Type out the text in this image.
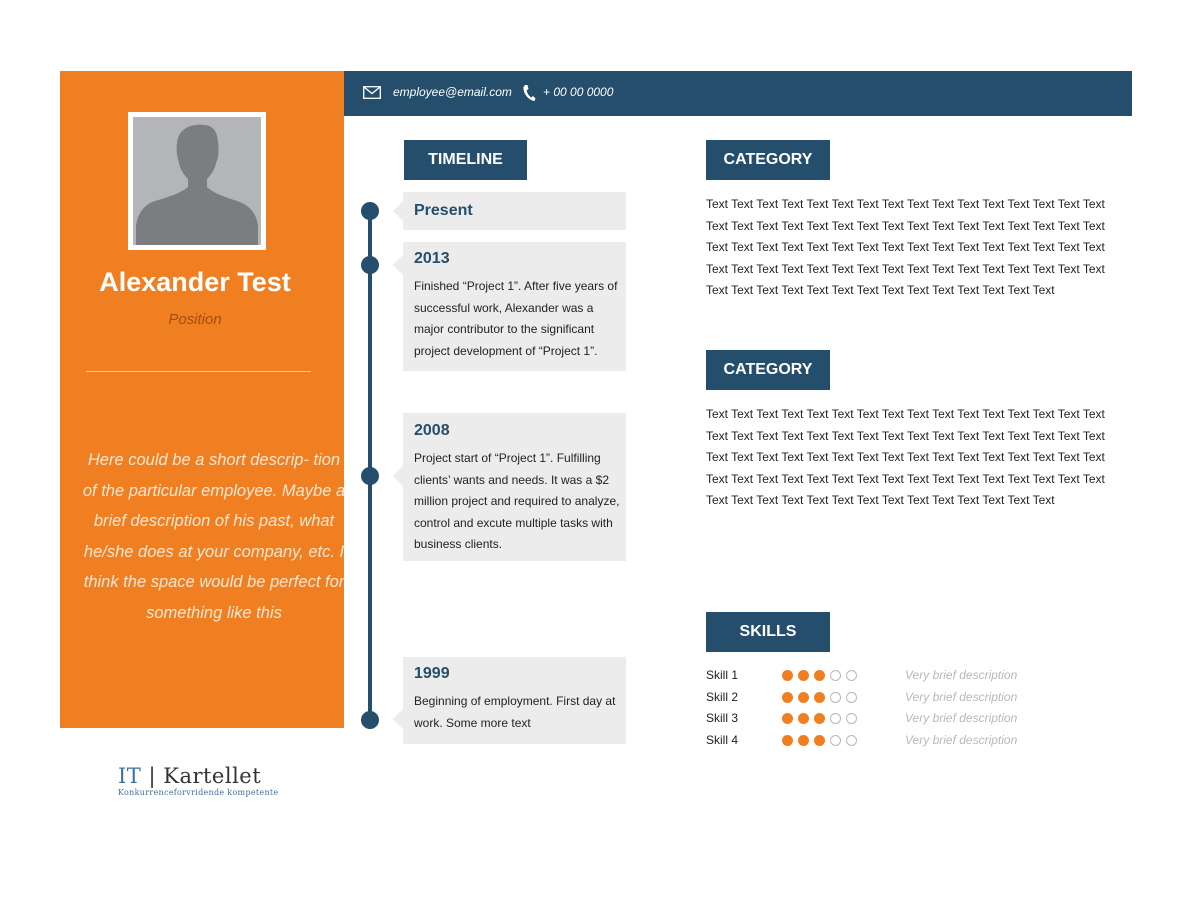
Alexander Test
Position
Here could be a short descrip- tion of the particular employee. Maybe a brief description of his past, what he/she does at your company, etc. I think the space would be perfect for something like this
employee@email.com	+ 00 00 0000
TIMELINE
Present
2013
Finished “Project 1”. After five years of successful work, Alexander was a major contributor to the significant project development of “Project 1”.
2008
Project start of “Project 1”. Fulfilling clients’ wants and needs. It was a $2 million project and required to analyze, control and excute multiple tasks with business clients.
1999
Beginning of employment. First day at work. Some more text
CATEGORY
Text Text Text Text Text Text Text Text Text Text Text Text Text Text Text Text Text Text Text Text Text Text Text Text Text Text Text Text Text Text Text Text Text Text Text Text Text Text Text Text Text Text Text Text Text Text Text Text Text Text Text Text Text Text Text Text Text Text Text Text Text Text Text Text Text Text Text Text Text Text Text Text Text Text Text Text Text Text
CATEGORY
Text Text Text Text Text Text Text Text Text Text Text Text Text Text Text Text Text Text Text Text Text Text Text Text Text Text Text Text Text Text Text Text Text Text Text Text Text Text Text Text Text Text Text Text Text Text Text Text Text Text Text Text Text Text Text Text Text Text Text Text Text Text Text Text Text Text Text Text Text Text Text Text Text Text Text Text Text Text
SKILLS
Skill 1	Very brief description
Skill 2	Very brief description
Skill 3	Very brief description
Skill 4	Very brief description
IT | Kartellet
Konkurrenceforvridende kompetente
